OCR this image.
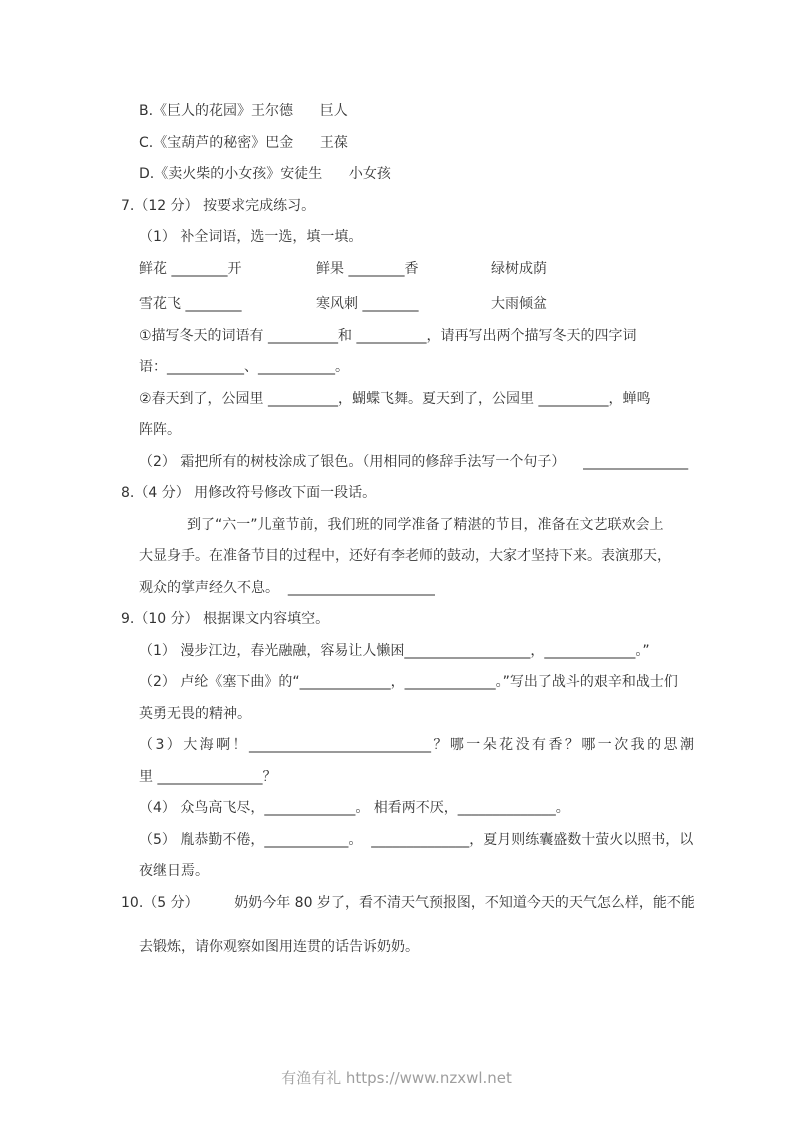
B.《巨人的花园》王尔德      巨人
C.《宝葫芦的秘密》巴金      王葆
D.《卖火柴的小女孩》安徒生      小女孩
7.（12 分） 按要求完成练习。
（1） 补全词语，选一选，填一填。
鲜花 ________开	鲜果 ________香	绿树成荫
雪花飞 ________	寒风刺 ________	大雨倾盆
①描写冬天的词语有 __________和 __________，请再写出两个描写冬天的四字词
语：___________、___________。
②春天到了，公园里 __________，蝴蝶飞舞。夏天到了，公园里 __________，蝉鸣
阵阵。
（2） 霜把所有的树枝涂成了银色。（用相同的修辞手法写一个句子）    _______________
8.（4 分） 用修改符号修改下面一段话。
到了“六一”儿童节前，我们班的同学准备了精湛的节目，准备在文艺联欢会上
大显身手。在准备节目的过程中，还好有李老师的鼓动，大家才坚持下来。表演那天，
观众的掌声经久不息。  _____________________
9.（10 分） 根据课文内容填空。
（1） 漫步江边，春光融融，容易让人懒困__________________，_____________。”
（2） 卢纶《塞下曲》的“_____________，_____________。”写出了战斗的艰辛和战士们
英勇无畏的精神。
（3）大海啊！__________________________？哪一朵花没有香？哪一次我的思潮
里 _______________？
（4） 众鸟高飞尽，_____________。 相看两不厌，______________。
（5） 胤恭勤不倦，____________。  ______________，夏月则练囊盛数十萤火以照书，以
夜继日焉。
10.（5 分）        奶奶今年 80 岁了，看不清天气预报图，不知道今天的天气怎么样，能不能
去锻炼，请你观察如图用连贯的话告诉奶奶。
有渔有礼 https://www.nzxwl.net
